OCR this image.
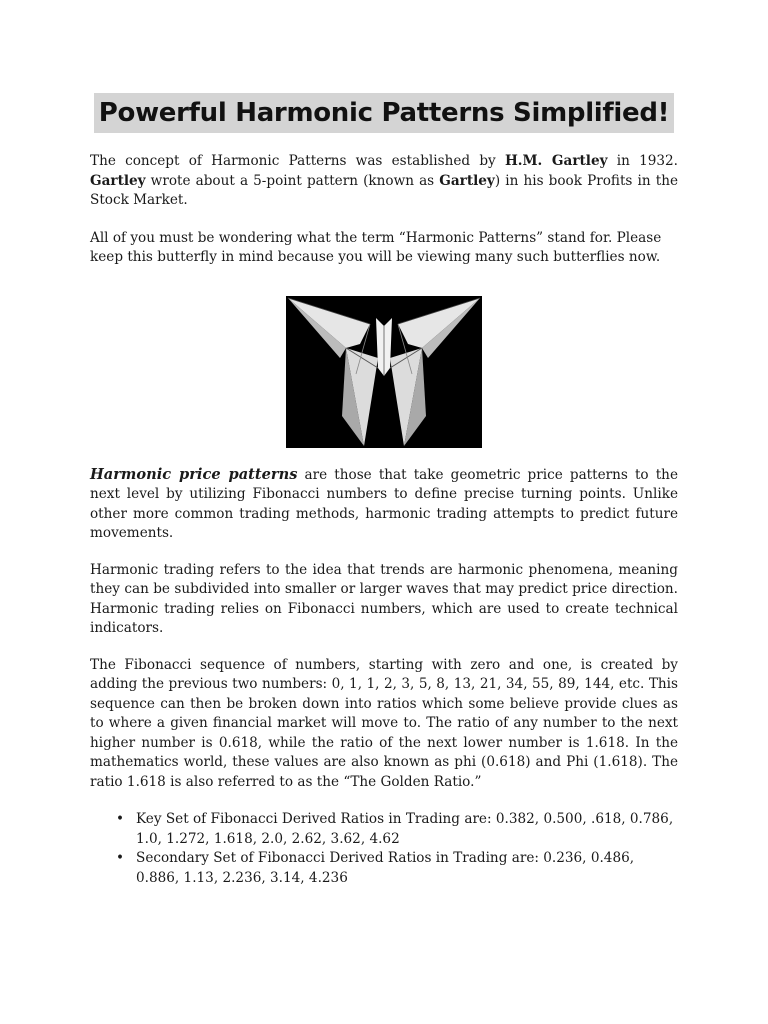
Powerful Harmonic Patterns Simplified!

The concept of Harmonic Patterns was established by H.M. Gartley in 1932. Gartley wrote about a 5-point pattern (known as Gartley) in his book Profits in the Stock Market.

All of you must be wondering what the term “Harmonic Patterns” stand for. Please keep this butterfly in mind because you will be viewing many such butterflies now.

Harmonic price patterns are those that take geometric price patterns to the next level by utilizing Fibonacci numbers to define precise turning points. Unlike other more common trading methods, harmonic trading attempts to predict future movements.

Harmonic trading refers to the idea that trends are harmonic phenomena, meaning they can be subdivided into smaller or larger waves that may predict price direction. Harmonic trading relies on Fibonacci numbers, which are used to create technical indicators.

The Fibonacci sequence of numbers, starting with zero and one, is created by adding the previous two numbers: 0, 1, 1, 2, 3, 5, 8, 13, 21, 34, 55, 89, 144, etc. This sequence can then be broken down into ratios which some believe provide clues as to where a given financial market will move to. The ratio of any number to the next higher number is 0.618, while the ratio of the next lower number is 1.618. In the mathematics world, these values are also known as phi (0.618) and Phi (1.618). The ratio 1.618 is also referred to as the “The Golden Ratio.”

• Key Set of Fibonacci Derived Ratios in Trading are: 0.382, 0.500, .618, 0.786, 1.0, 1.272, 1.618, 2.0, 2.62, 3.62, 4.62
• Secondary Set of Fibonacci Derived Ratios in Trading are: 0.236, 0.486, 0.886, 1.13, 2.236, 3.14, 4.236
